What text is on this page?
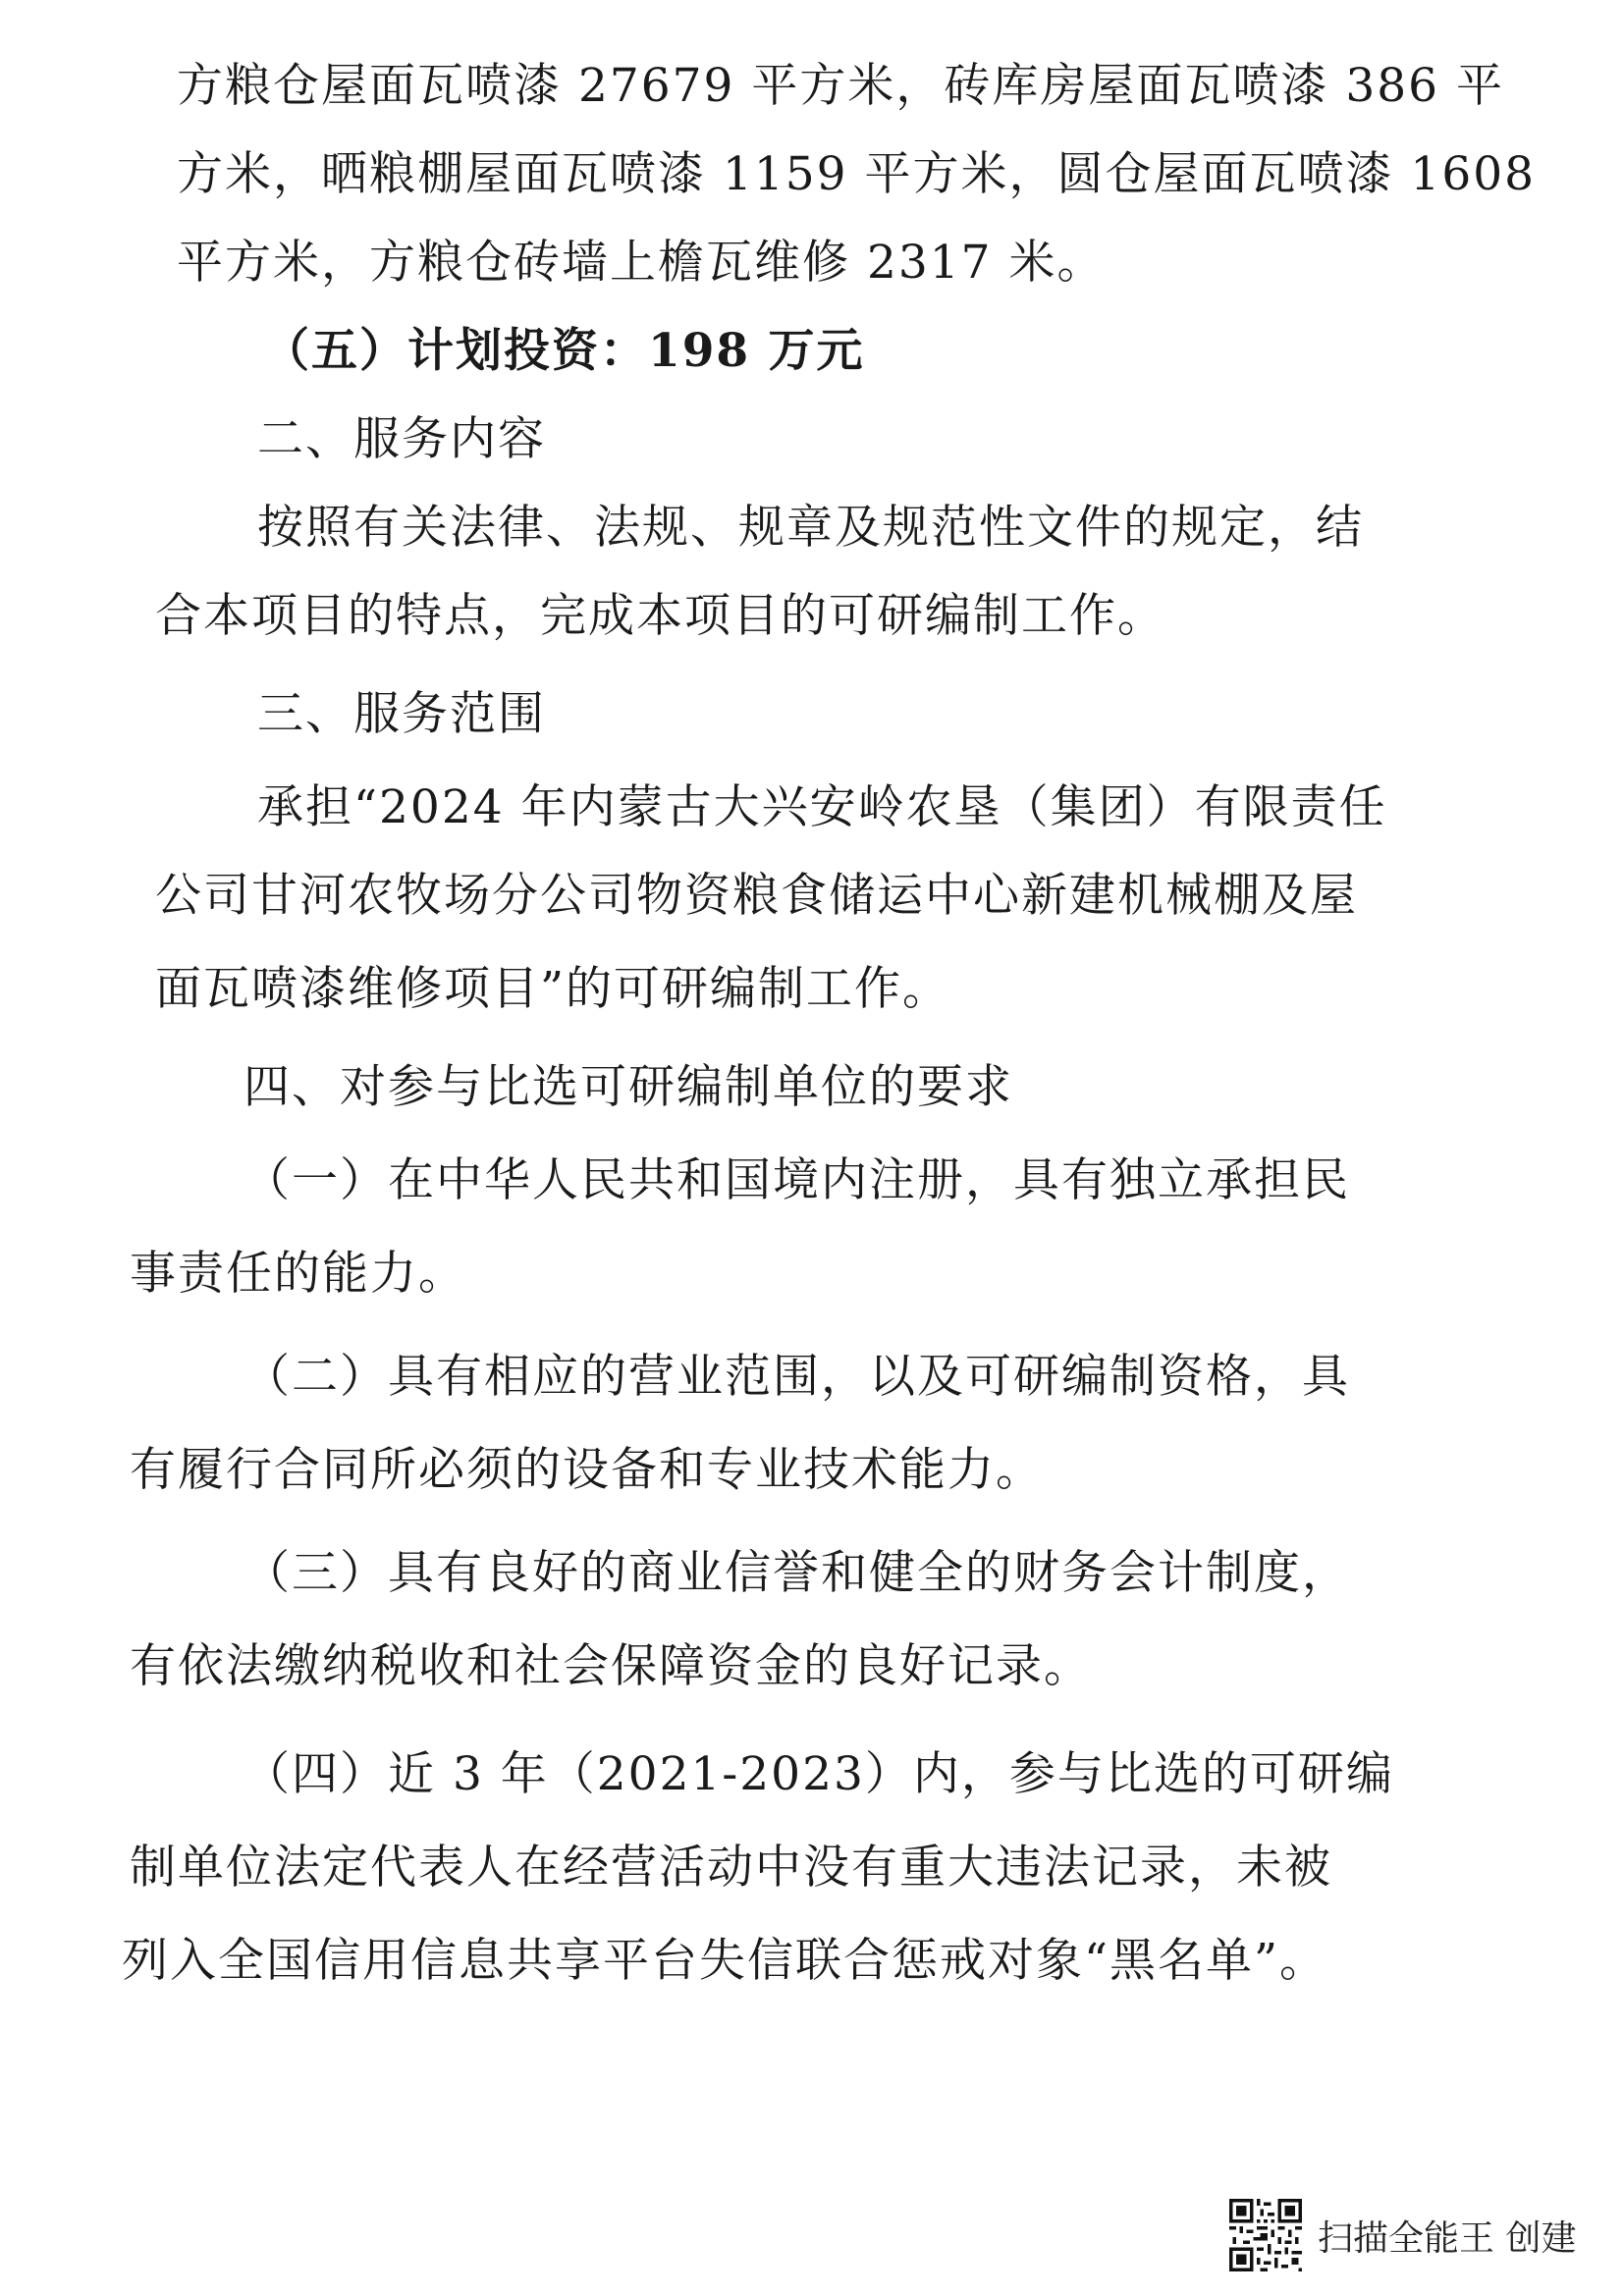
方粮仓屋面瓦喷漆 27679 平方米，砖库房屋面瓦喷漆 386 平
方米，晒粮棚屋面瓦喷漆 1159 平方米，圆仓屋面瓦喷漆 1608
平方米，方粮仓砖墙上檐瓦维修 2317 米。
（五）计划投资：198 万元
二、服务内容
按照有关法律、法规、规章及规范性文件的规定，结
合本项目的特点，完成本项目的可研编制工作。
三、服务范围
承担“2024 年内蒙古大兴安岭农垦（集团）有限责任
公司甘河农牧场分公司物资粮食储运中心新建机械棚及屋
面瓦喷漆维修项目”的可研编制工作。
四、对参与比选可研编制单位的要求
（一）在中华人民共和国境内注册，具有独立承担民
事责任的能力。
（二）具有相应的营业范围，以及可研编制资格，具
有履行合同所必须的设备和专业技术能力。
（三）具有良好的商业信誉和健全的财务会计制度，
有依法缴纳税收和社会保障资金的良好记录。
（四）近 3 年（2021-2023）内，参与比选的可研编
制单位法定代表人在经营活动中没有重大违法记录，未被
列入全国信用信息共享平台失信联合惩戒对象“黑名单”。
扫描全能王 创建
